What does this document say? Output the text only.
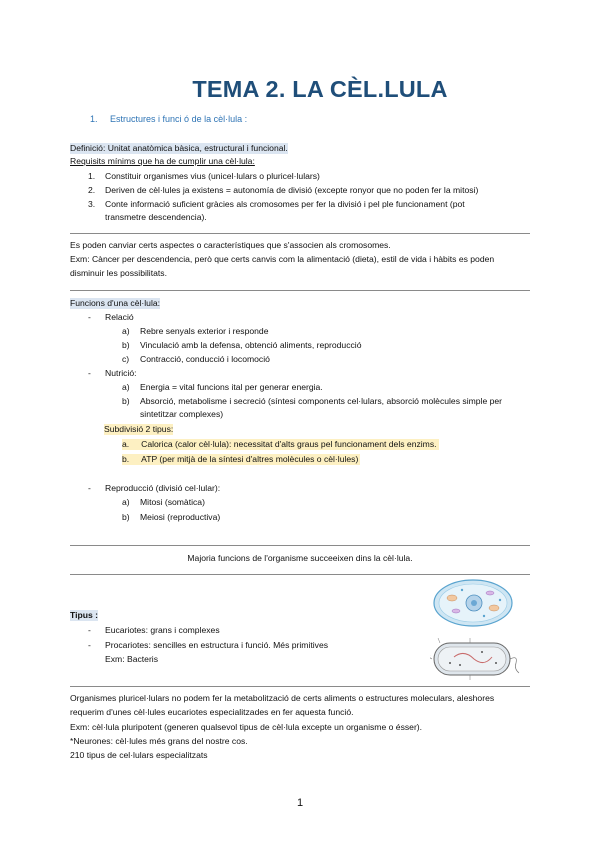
TEMA 2. LA CÈL.LULA
1. Estructures i funci ó de la cèl·lula :
Definició: Unitat anatòmica bàsica, estructural i funcional.
Requisits mínims que ha de cumplir una cèl·lula:
1. Constituir organismes vius (unicel·lulars o pluricel·lulars)
2. Deriven de cèl·lules ja existens = autonomía de divisió (excepte ronyor que no poden fer la mitosi)
3. Conte informació suficient gràcies als cromosomes per fer la divisió i pel ple funcionament (pot
transmetre descendencia).
Es poden canviar certs aspectes o característiques que s'associen als cromosomes.
Exm: Càncer per descendencia, però que certs canvis com la alimentació (dieta), estil de vida i hàbits es poden
disminuir les possibilitats.
Funcions d'una cèl·lula:
- Relació
a) Rebre senyals exterior i responde
b) Vinculació amb la defensa, obtenció aliments, reproducció
c) Contracció, conducció i locomoció
- Nutrició:
a) Energia = vital funcions ital per generar energia.
b) Absorció, metabolisme i secreció (síntesi components cel·lulars, absorció molècules simple per
sintetitzar complexes)
Subdivisió 2 tipus:
a. Calorica (calor cèl·lula): necessitat d'alts graus pel funcionament dels enzims.
b. ATP (per mitjà de la síntesi d'altres molècules o cèl·lules)
- Reproducció (divisió cel·lular):
a) Mitosi (somàtica)
b) Meiosi (reproductiva)
Majoria funcions de l'organisme succeeixen dins la cèl·lula.
Tipus :
- Eucariotes: grans i complexes
- Procariotes: sencilles en estructura i funció. Més primitives
Exm: Bacteris
Organismes pluricel·lulars no podem fer la metabolització de certs aliments o estructures moleculars, aleshores
requerim d'unes cèl·lules eucariotes especialitzades en fer aquesta funció.
Exm: cèl·lula pluripotent (generen qualsevol tipus de cèl·lula excepte un organisme o ésser).
*Neurones: cèl·lules més grans del nostre cos.
210 tipus de cel·lulars especialitzats
1
